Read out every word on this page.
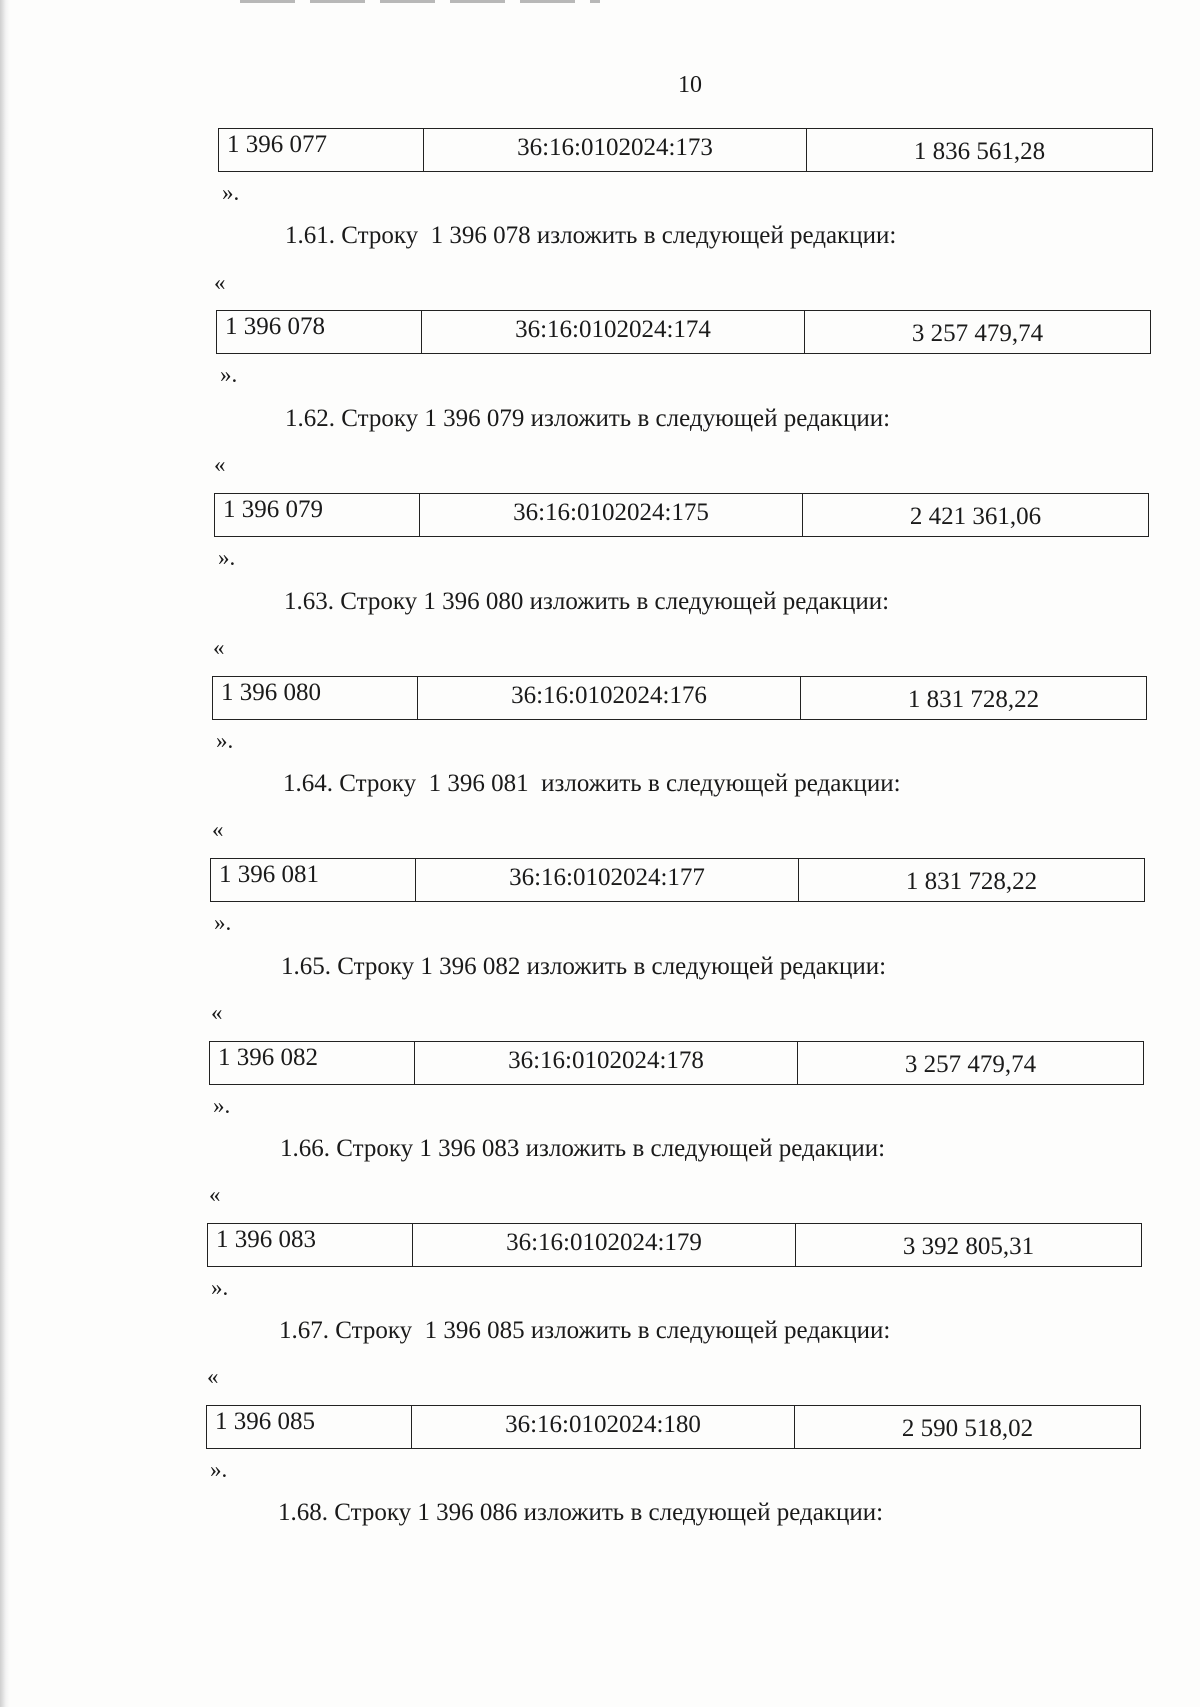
10
1 396 077	36:16:0102024:173	1 836 561,28
».
1.61. Строку  1 396 078 изложить в следующей редакции:
«
1 396 078	36:16:0102024:174	3 257 479,74
».
1.62. Строку 1 396 079 изложить в следующей редакции:
«
1 396 079	36:16:0102024:175	2 421 361,06
».
1.63. Строку 1 396 080 изложить в следующей редакции:
«
1 396 080	36:16:0102024:176	1 831 728,22
».
1.64. Строку  1 396 081  изложить в следующей редакции:
«
1 396 081	36:16:0102024:177	1 831 728,22
».
1.65. Строку 1 396 082 изложить в следующей редакции:
«
1 396 082	36:16:0102024:178	3 257 479,74
».
1.66. Строку 1 396 083 изложить в следующей редакции:
«
1 396 083	36:16:0102024:179	3 392 805,31
».
1.67. Строку  1 396 085 изложить в следующей редакции:
«
1 396 085	36:16:0102024:180	2 590 518,02
».
1.68. Строку 1 396 086 изложить в следующей редакции:
